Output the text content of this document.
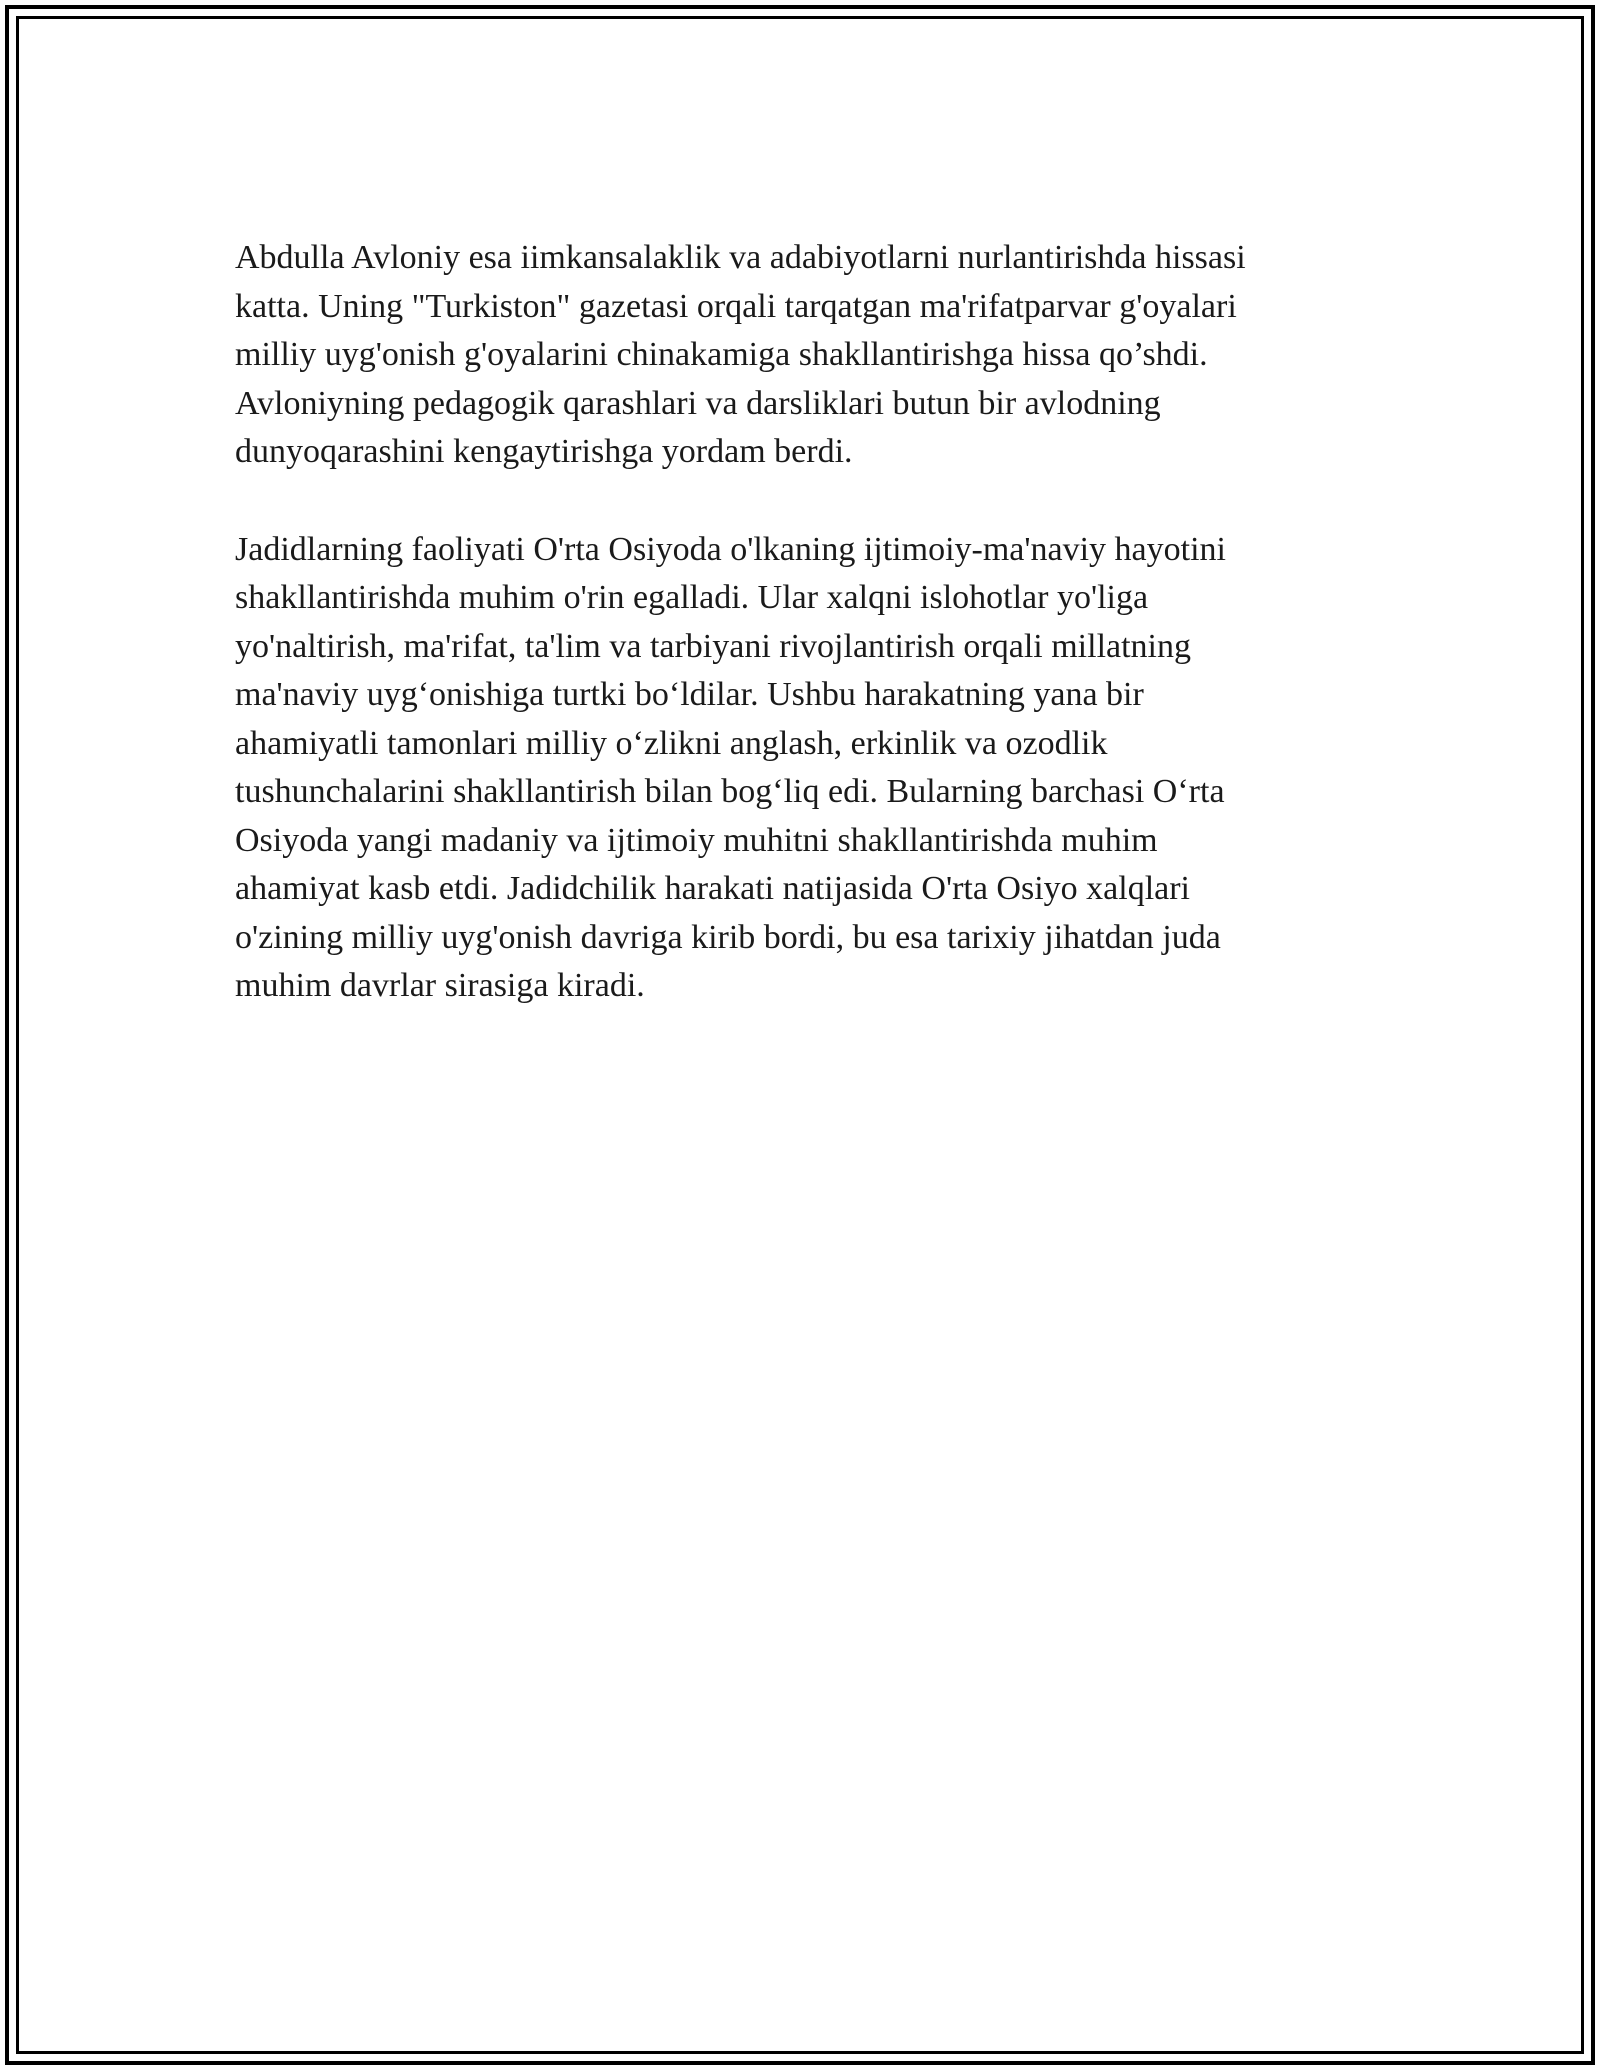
Abdulla Avloniy esa iimkansalaklik va adabiyotlarni nurlantirishda hissasi
katta. Uning "Turkiston" gazetasi orqali tarqatgan ma'rifatparvar g'oyalari
milliy uyg'onish g'oyalarini chinakamiga shakllantirishga hissa qo’shdi.
Avloniyning pedagogik qarashlari va darsliklari butun bir avlodning
dunyoqarashini kengaytirishga yordam berdi.

Jadidlarning faoliyati O'rta Osiyoda o'lkaning ijtimoiy-ma'naviy hayotini
shakllantirishda muhim o'rin egalladi. Ular xalqni islohotlar yo'liga
yo'naltirish, ma'rifat, ta'lim va tarbiyani rivojlantirish orqali millatning
ma'naviy uyg‘onishiga turtki bo‘ldilar. Ushbu harakatning yana bir
ahamiyatli tamonlari milliy o‘zlikni anglash, erkinlik va ozodlik
tushunchalarini shakllantirish bilan bog‘liq edi. Bularning barchasi O‘rta
Osiyoda yangi madaniy va ijtimoiy muhitni shakllantirishda muhim
ahamiyat kasb etdi. Jadidchilik harakati natijasida O'rta Osiyo xalqlari
o'zining milliy uyg'onish davriga kirib bordi, bu esa tarixiy jihatdan juda
muhim davrlar sirasiga kiradi.
